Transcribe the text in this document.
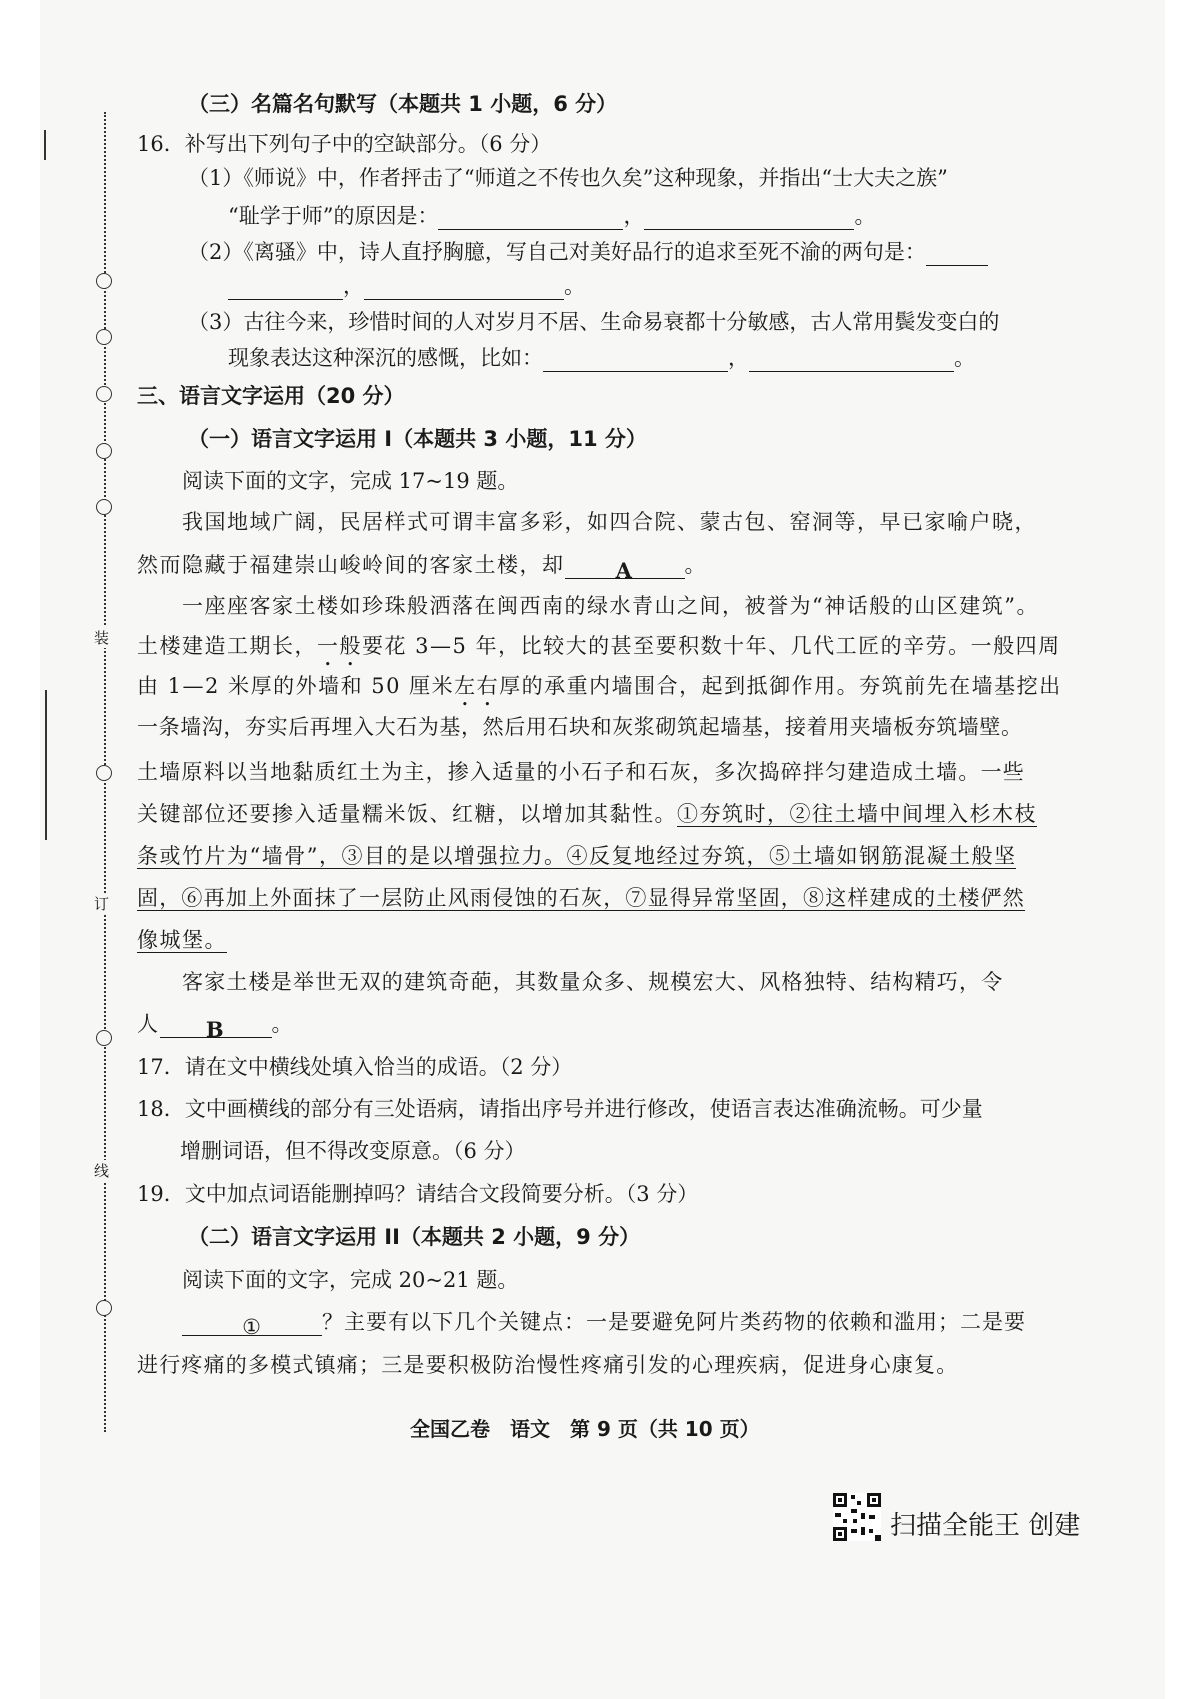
装
订
线
（三）名篇名句默写（本题共 1 小题，6 分）
16．补写出下列句子中的空缺部分。（6 分）
（1）《师说》中，作者抨击了“师道之不传也久矣”这种现象，并指出“士大夫之族”
“耻学于师”的原因是：	，	。
（2）《离骚》中，诗人直抒胸臆，写自己对美好品行的追求至死不渝的两句是：
，	。
（3）古往今来，珍惜时间的人对岁月不居、生命易衰都十分敏感，古人常用鬓发变白的
现象表达这种深沉的感慨，比如：	，	。
三、语言文字运用（20 分）
（一）语言文字运用 I（本题共 3 小题，11 分）
阅读下面的文字，完成 17~19 题。
我国地域广阔，民居样式可谓丰富多彩，如四合院、蒙古包、窑洞等，早已家喻户晓，
然而隐藏于福建崇山峻岭间的客家土楼，却 A 。
一座座客家土楼如珍珠般洒落在闽西南的绿水青山之间，被誉为“神话般的山区建筑”。
土楼建造工期长，一般要花 3—5 年，比较大的甚至要积数十年、几代工匠的辛劳。一般四周
由 1—2 米厚的外墙和 50 厘米左右厚的承重内墙围合，起到抵御作用。夯筑前先在墙基挖出
一条墙沟，夯实后再埋入大石为基，然后用石块和灰浆砌筑起墙基，接着用夹墙板夯筑墙壁。
土墙原料以当地黏质红土为主，掺入适量的小石子和石灰，多次捣碎拌匀建造成土墙。一些
关键部位还要掺入适量糯米饭、红糖，以增加其黏性。①夯筑时，②往土墙中间埋入杉木枝
条或竹片为“墙骨”，③目的是以增强拉力。④反复地经过夯筑，⑤土墙如钢筋混凝土般坚
固，⑥再加上外面抹了一层防止风雨侵蚀的石灰，⑦显得异常坚固，⑧这样建成的土楼俨然
像城堡。
客家土楼是举世无双的建筑奇葩，其数量众多、规模宏大、风格独特、结构精巧，令
人 B 。
17．请在文中横线处填入恰当的成语。（2 分）
18．文中画横线的部分有三处语病，请指出序号并进行修改，使语言表达准确流畅。可少量
增删词语，但不得改变原意。（6 分）
19．文中加点词语能删掉吗？请结合文段简要分析。（3 分）
（二）语言文字运用 II（本题共 2 小题，9 分）
阅读下面的文字，完成 20~21 题。
①	？主要有以下几个关键点：一是要避免阿片类药物的依赖和滥用；二是要
进行疼痛的多模式镇痛；三是要积极防治慢性疼痛引发的心理疾病，促进身心康复。
全国乙卷　语文　第 9 页（共 10 页）
扫描全能王 创建
